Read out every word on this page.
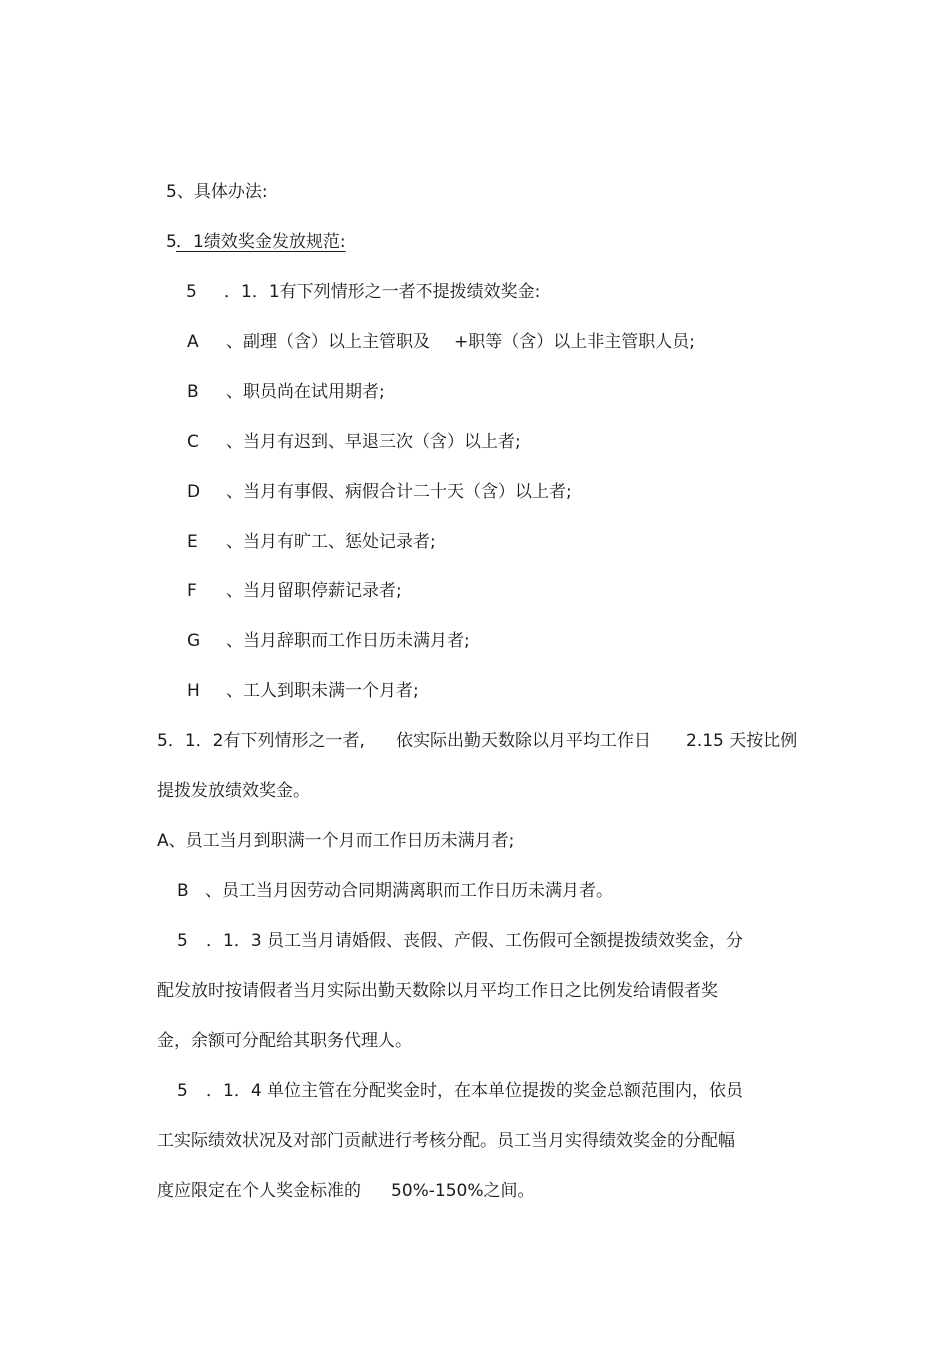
5、具体办法:
5 ．1绩效奖金发放规范:
5 ．1．1有下列情形之一者不提拨绩效奖金:
A 、副理（含）以上主管职及 +职等（含）以上非主管职人员;
B 、职员尚在试用期者;
C 、当月有迟到、早退三次（含）以上者;
D 、当月有事假、病假合计二十天（含）以上者;
E 、当月有旷工、惩处记录者;
F 、当月留职停薪记录者;
G 、当月辞职而工作日历未满月者;
H 、工人到职未满一个月者;
5．1．2有下列情形之一者, 依实际出勤天数除以月平均工作日 2.15 天按比例
提拨发放绩效奖金。
A、员工当月到职满一个月而工作日历未满月者;
B 、员工当月因劳动合同期满离职而工作日历未满月者。
5 ．1．3 员工当月请婚假、丧假、产假、工伤假可全额提拨绩效奖金，分
配发放时按请假者当月实际出勤天数除以月平均工作日之比例发给请假者奖
金，余额可分配给其职务代理人。
5 ．1．4 单位主管在分配奖金时，在本单位提拨的奖金总额范围内，依员
工实际绩效状况及对部门贡献进行考核分配。员工当月实得绩效奖金的分配幅
度应限定在个人奖金标准的 50%-150%之间。
